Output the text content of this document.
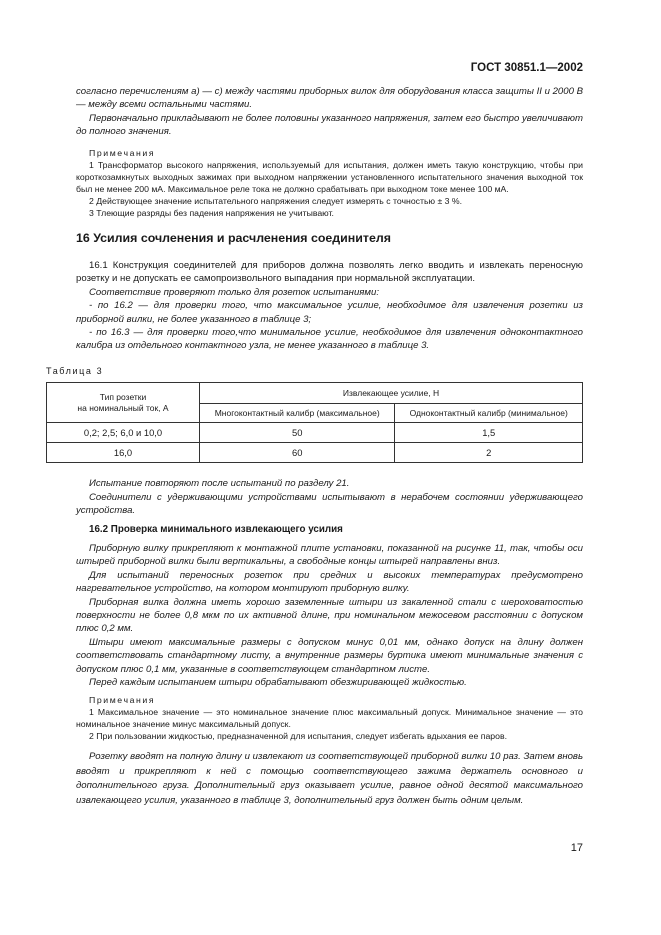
ГОСТ 30851.1—2002

согласно перечислениям а) — с) между частями приборных вилок для оборудования класса защиты II и 2000 В — между всеми остальными частями.

Первоначально прикладывают не более половины указанного напряжения, затем его быстро увеличивают до полного значения.

Примечания

1 Трансформатор высокого напряжения, используемый для испытания, должен иметь такую конструкцию, чтобы при короткозамкнутых выходных зажимах при выходном напряжении установленного испытательного значения выходной ток был не менее 200 мА. Максимальное реле тока не должно срабатывать при выходном токе менее 100 мА.

2 Действующее значение испытательного напряжения следует измерять с точностью ± 3 %.

3 Тлеющие разряды без падения напряжения не учитывают.

16 Усилия сочленения и расчленения соединителя

16.1 Конструкция соединителей для приборов должна позволять легко вводить и извлекать переносную розетку и не допускать ее самопроизвольного выпадания при нормальной эксплуатации.

Соответствие проверяют только для розеток испытаниями:

- по 16.2 — для проверки того, что максимальное усилие, необходимое для извлечения розетки из приборной вилки, не более указанного в таблице 3;

- по 16.3 — для проверки того,что минимальное усилие, необходимое для извлечения одноконтактного калибра из отдельного контактного узла, не менее указанного в таблице 3.

Таблица 3
Тип розетки
на номинальный ток, А	Извлекающее усилие, Н	
	Многоконтактный калибр (максимальное)	Одноконтактный калибр (минимальное)
0,2; 2,5; 6,0 и 10,0	50	1,5
16,0	60	2

Испытание повторяют после испытаний по разделу 21.

Соединители с удерживающими устройствами испытывают в нерабочем состоянии удерживающего устройства.

16.2 Проверка минимального извлекающего усилия

Приборную вилку прикрепляют к монтажной плите установки, показанной на рисунке 11, так, чтобы оси штырей приборной вилки были вертикальны, а свободные концы штырей направлены вниз.

Для испытаний переносных розеток при средних и высоких температурах предусмотрено нагревательное устройство, на котором монтируют приборную вилку.

Приборная вилка должна иметь хорошо заземленные штыри из закаленной стали с шероховатостью поверхности не более 0,8 мкм по их активной длине, при номинальном межосевом расстоянии с допуском плюс 0,2 мм.

Штыри имеют максимальные размеры с допуском минус 0,01 мм, однако допуск на длину должен соответствовать стандартному листу, а внутренние размеры буртика имеют минимальные значения с допуском плюс 0,1 мм, указанные в соответствующем стандартном листе.

Перед каждым испытанием штыри обрабатывают обезжиривающей жидкостью.

Примечания

1 Максимальное значение — это номинальное значение плюс максимальный допуск. Минимальное значение — это номинальное значение минус максимальный допуск.

2 При пользовании жидкостью, предназначенной для испытания, следует избегать вдыхания ее паров.

Розетку вводят на полную длину и извлекают из соответствующей приборной вилки 10 раз. Затем вновь вводят и прикрепляют к ней с помощью соответствующего зажима держатель основного и дополнительного груза. Дополнительный груз оказывает усилие, равное одной десятой максимального извлекающего усилия, указанного в таблице 3, дополнительный груз должен быть одним целым.

17
